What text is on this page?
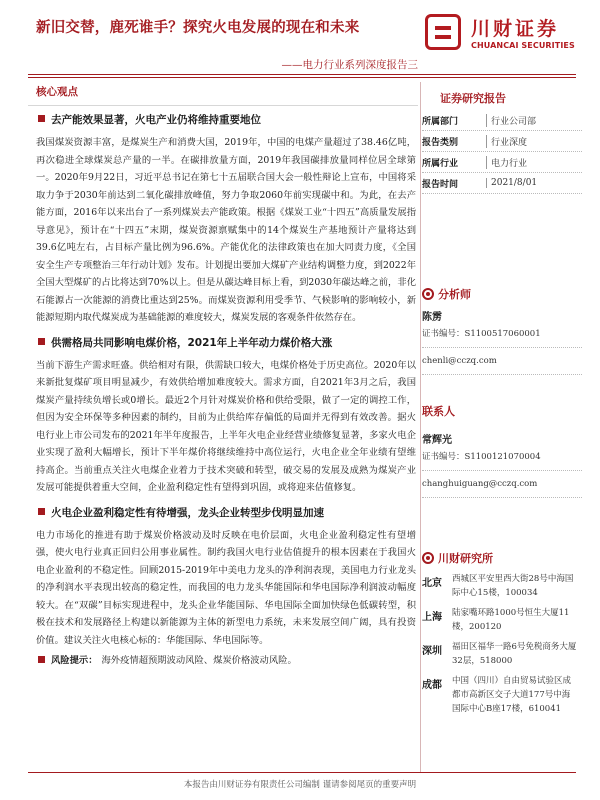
新旧交替，鹿死谁手？探究火电发展的现在和未来
——电力行业系列深度报告三
川财证券
CHUANCAI SECURITIES
核心观点
去产能效果显著，火电产业仍将维持重要地位
我国煤炭资源丰富，是煤炭生产和消费大国，2019年，中国的电煤产量超过了38.46亿吨，再次稳进全球煤炭总产量的一半。在碳排放量方面，2019年我国碳排放量同样位居全球第一。2020年9月22日，习近平总书记在第七十五届联合国大会一般性辩论上宣布，中国将采取力争于2030年前达到二氧化碳排放峰值，努力争取2060年前实现碳中和。为此，在去产能方面，2016年以来出台了一系列煤炭去产能政策。根据《煤炭工业“十四五”高质量发展指导意见》，预计在“十四五”末期，煤炭资源禀赋集中的14个煤炭生产基地预计产量将达到39.6亿吨左右，占目标产量比例为96.6%。产能优化的法律政策也在加大同责力度，《全国安全生产专项整治三年行动计划》发布。计划提出要加大煤矿产业结构调整力度，到2022年全国大型煤矿的占比将达到70%以上。但是从碳达峰目标上看，到2030年碳达峰之前，非化石能源占一次能源的消费比重达到25%。而煤炭资源利用受季节、气候影响的影响较小，新能源短期内取代煤炭成为基础能源的难度较大，煤炭发展的客观条件依然存在。
供需格局共同影响电煤价格，2021年上半年动力煤价格大涨
当前下游生产需求旺盛。供给相对有限，供需缺口较大，电煤价格处于历史高位。2020年以来新批复煤矿项目明显减少，有效供给增加难度较大。需求方面，自2021年3月之后，我国煤炭产量持续负增长或0增长。最近2个月针对煤炭价格和供给受限，做了一定的调控工作，但因为安全环保等多种因素的制约，目前为止供给库存偏低的局面并无得到有效改善。据火电行业上市公司发布的2021年半年度报告，上半年火电企业经营业绩修复显著，多家火电企业实现了盈利大幅增长，预计下半年煤价将继续维持中高位运行，火电企业全年业绩有望维持高企。当前重点关注火电煤企业着力于技术突破和转型，破交易的发展及成熟为煤炭产业发展可能提供着重大空间，企业盈利稳定性有望得到巩固，或将迎来估值修复。
火电企业盈利稳定性有待增强，龙头企业转型步伐明显加速
电力市场化的推进有助于煤炭价格波动及时反映在电价层面，火电企业盈利稳定性有望增强，使火电行业真正回归公用事业属性。制约我国火电行业估值提升的根本因素在于我国火电企业盈利的不稳定性。回顾2015-2019年中美电力龙头的净利润表现，美国电力行业龙头的净利润水平表现出较高的稳定性，而我国的电力龙头华能国际和华电国际净利润波动幅度较大。在“双碳”目标实现进程中，龙头企业华能国际、华电国际全面加快绿色低碳转型，积极在技术和发展路径上构建以新能源为主体的新型电力系统，未来发展空间广阔，具有投资价值。建议关注火电核心标的：华能国际、华电国际等。
风险提示： 海外疫情超预期波动风险、煤炭价格波动风险。
证券研究报告
所属部门	行业公司部
报告类别	行业深度
所属行业	电力行业
报告时间	2021/8/01
分析师
陈雳
证书编号：S1100517060001
chenli@cczq.com
联系人
常辉光
证书编号：S1100121070004
changhuiguang@cczq.com
川财研究所
北京	西城区平安里西大街28号中海国际中心15楼，100034
上海	陆家嘴环路1000号恒生大厦11楼，200120
深圳	福田区福华一路6号免税商务大厦32层，518000
成都	中国（四川）自由贸易试验区成都市高新区交子大道177号中海国际中心B座17楼，610041
本报告由川财证券有限责任公司编制 谨请参阅尾页的重要声明
